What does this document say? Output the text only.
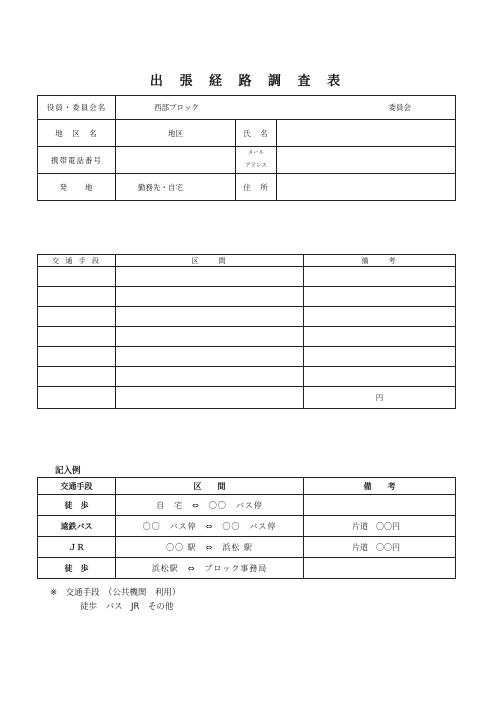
出 張 経 路 調 査 表
役員・委員会名	西部ブロック 委員会		

地　区　名	地区	氏　名	
携帯電話番号		メール
アドレス	

発　　地	勤務先・自宅	住　所	
交 通 手 段	区　　間	備　　考

		円
記入例
交通手段	区　　間	備　　考
徒　歩	自　宅　⇔　〇〇　バス停	
遠鉄バス	〇〇　バス停　⇔　〇〇　バス停	片道　〇〇円
ＪＲ	〇〇 駅　⇔　浜松 駅	片道　〇〇円
徒　歩	浜松駅　⇔　ブロック事務局	
※　交通手段　（公共機関　利用）
徒歩　バス　JR　その他
